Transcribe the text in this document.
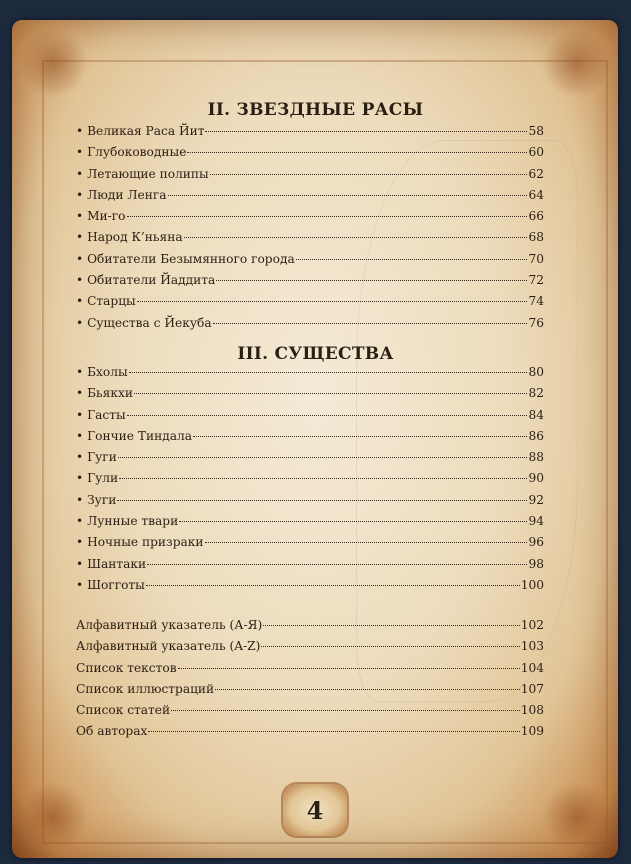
II. ЗВЕЗДНЫЕ РАСЫ
• Великая Раса Йит	58
• Глубоководные	60
• Летающие полипы	62
• Люди Ленга	64
• Ми-го	66
• Народ К’ньяна	68
• Обитатели Безымянного города	70
• Обитатели Йаддита	72
• Старцы	74
• Существа с Йекуба	76
III. СУЩЕСТВА
• Бхолы	80
• Бьякхи	82
• Гасты	84
• Гончие Тиндала	86
• Гуги	88
• Гули	90
• Зуги	92
• Лунные твари	94
• Ночные призраки	96
• Шантаки	98
• Шогготы	100
Алфавитный указатель (А-Я)	102
Алфавитный указатель (A-Z)	103
Список текстов	104
Список иллюстраций	107
Список статей	108
Об авторах	109
4
